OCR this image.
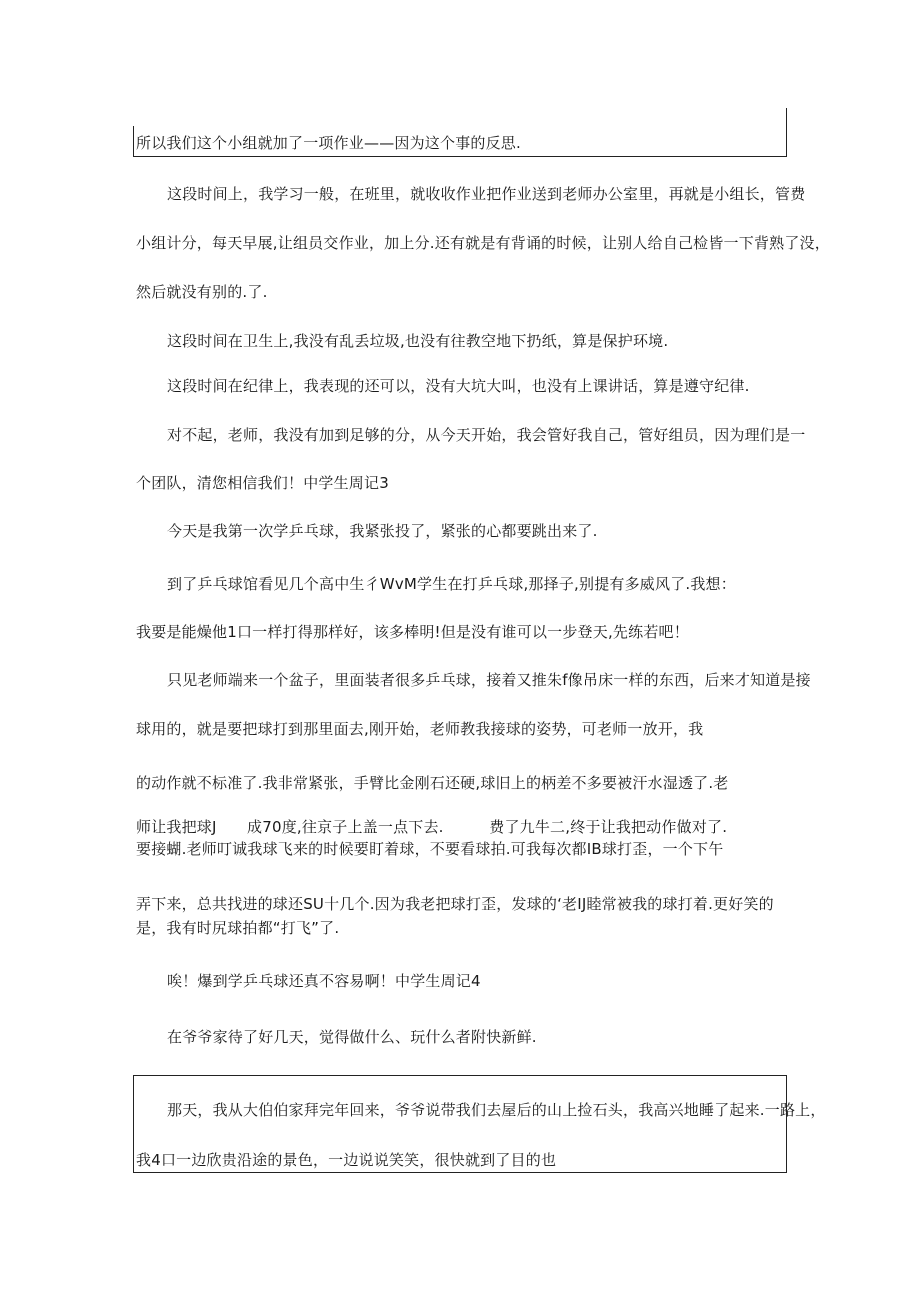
所以我们这个小组就加了一项作业——因为这个事的反思.
这段时间上，我学习一般，在班里，就收收作业把作业送到老师办公室里，再就是小组长，管费
小组计分，每天早展,让组员交作业，加上分.还有就是有背诵的时候，让别人给自己检皆一下背熟了没，
然后就没有别的.了.
这段时间在卫生上,我没有乱丢垃圾,也没有往教空地下扔纸，算是保护环境.
这段时间在纪律上，我表现的还可以，没有大坑大叫，也没有上课讲话，算是遵守纪律.
对不起，老师，我没有加到足够的分，从今天开始，我会管好我自己，管好组员，因为理们是一
个团队，清您相信我们！中学生周记3
今天是我第一次学乒乓球，我紧张投了，紧张的心都要跳出来了.
到了乒乓球馆看见几个高中生彳WvM学生在打乒乓球,那择子,别提有多威风了.我想：
我要是能燥他1口一样打得那样好，该多棒明!但是没有谁可以一步登天,先练若吧！
只见老师端来一个盆子，里面装者很多乒乓球，接着又推朱f像吊床一样的东西，后来才知道是接
球用的，就是要把球打到那里面去,刚开始，老师教我接球的姿势，可老师一放开，我
的动作就不标准了.我非常紧张，手臂比金刚石还硬,球旧上的柄差不多要被汗水湿透了.老
师让我把球J　　成70度,往京子上盖一点下去.　　　费了九牛二,终于让我把动作做对了.
要接蝴.老师叮诚我球飞来的时候要盯着球，不要看球拍.可我每次都IB球打歪，一个下午
弄下来，总共找进的球还SU十几个.因为我老把球打歪，发球的‘老IJ睦常被我的球打着.更好笑的
是，我有时尻球拍都“打飞”了.
唉！爆到学乒乓球还真不容易啊！中学生周记4
在爷爷家待了好几天，觉得做什么、玩什么者附快新鲜.
那天，我从大伯伯家拜完年回来，爷爷说带我们去屋后的山上捡石头，我高兴地睡了起来.一路上，
我4口一边欣贵沿途的景色，一边说说笑笑，很快就到了目的也
